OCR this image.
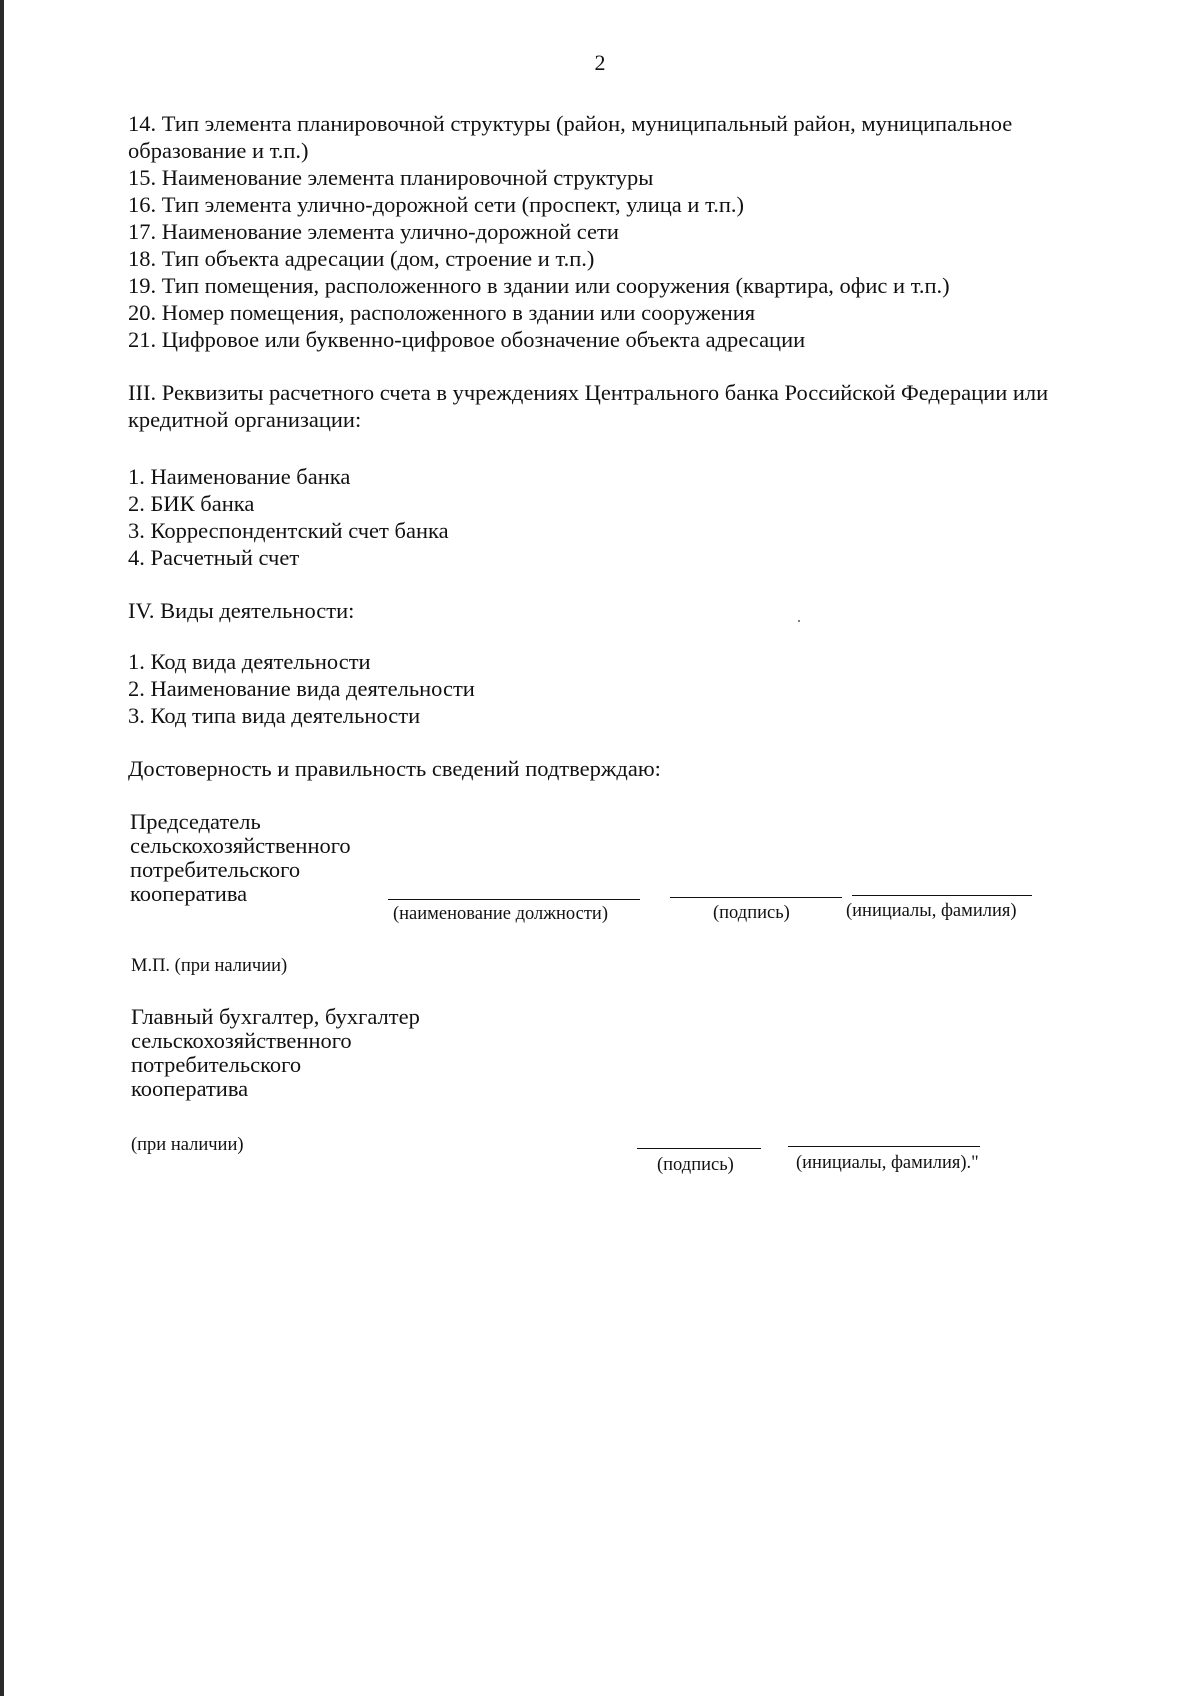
2

14. Тип элемента планировочной структуры (район, муниципальный район, муниципальное образование и т.п.)

15. Наименование элемента планировочной структуры

16. Тип элемента улично-дорожной сети (проспект, улица и т.п.)

17. Наименование элемента улично-дорожной сети

18. Тип объекта адресации (дом, строение и т.п.)

19. Тип помещения, расположенного в здании или сооружения (квартира, офис и т.п.)

20. Номер помещения, расположенного в здании или сооружения

21. Цифровое или буквенно-цифровое обозначение объекта адресации

III. Реквизиты расчетного счета в учреждениях Центрального банка Российской Федерации или кредитной организации:

1. Наименование банка

2. БИК банка

3. Корреспондентский счет банка

4. Расчетный счет

IV. Виды деятельности:

1. Код вида деятельности

2. Наименование вида деятельности

3. Код типа вида деятельности

Достоверность и правильность сведений подтверждаю:

Председатель

сельскохозяйственного

потребительского

кооператива

(наименование должности)	(подпись)	(инициалы, фамилия)
М.П. (при наличии)

Главный бухгалтер, бухгалтер

сельскохозяйственного

потребительского

кооператива

(при наличии)
(подпись)	(инициалы, фамилия)."
